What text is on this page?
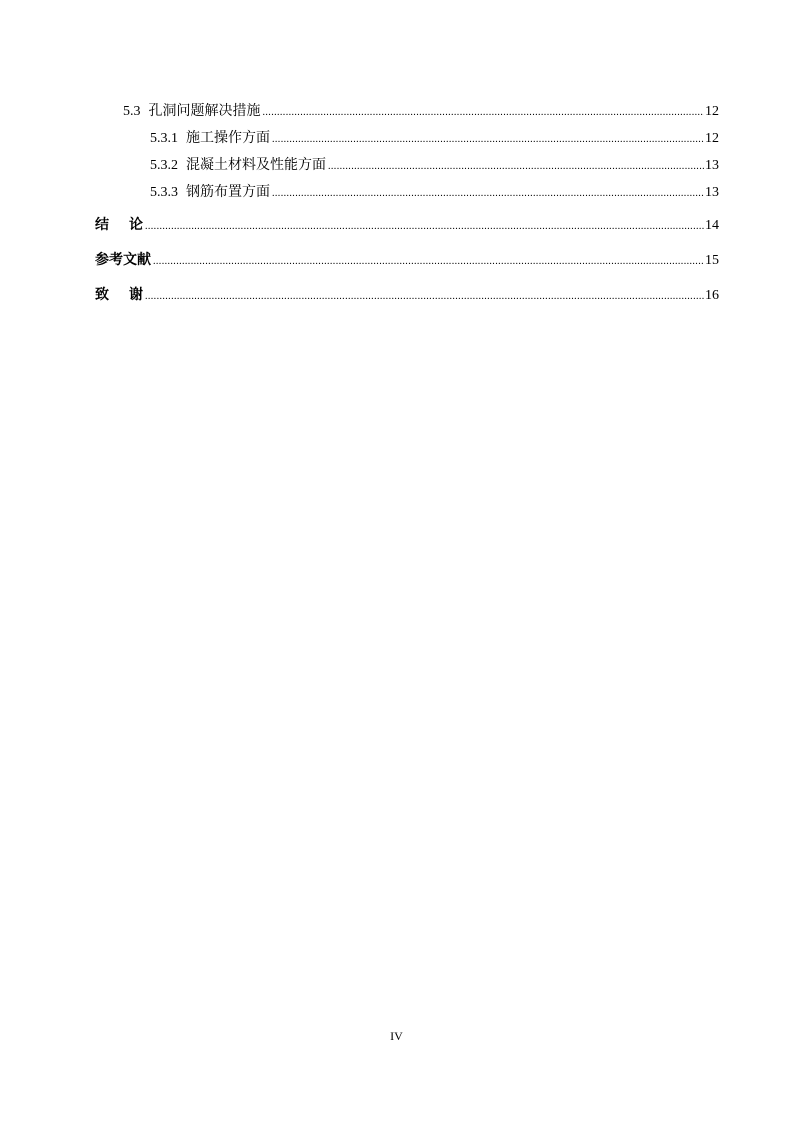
5.3 孔洞问题解决措施 .....	12
5.3.1 施工操作方面 .....	12
5.3.2 混凝土材料及性能方面 .....	13
5.3.3 钢筋布置方面 .....	13
结	论 .....	14
参考文献 .....	15
致	谢 .....	16
IV
